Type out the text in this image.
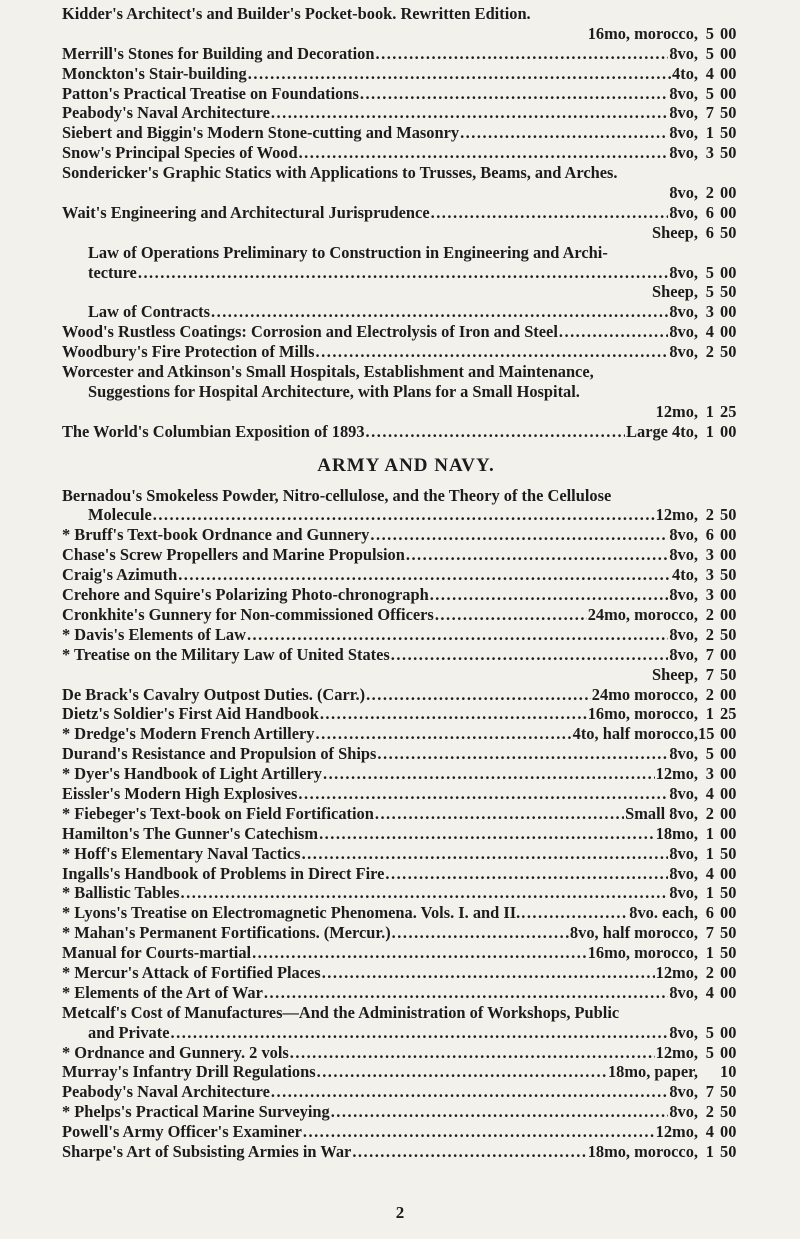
Kidder's Architect's and Builder's Pocket-book. Rewritten Edition.
16mo, morocco, 5 00
Merrill's Stones for Building and Decoration .....	8vo, 5 00
Monckton's Stair-building .....	4to, 4 00
Patton's Practical Treatise on Foundations .....	8vo, 5 00
Peabody's Naval Architecture .....	8vo, 7 50
Siebert and Biggin's Modern Stone-cutting and Masonry .....	8vo, 1 50
Snow's Principal Species of Wood .....	8vo, 3 50
Sondericker's Graphic Statics with Applications to Trusses, Beams, and Arches.
8vo, 2 00
Wait's Engineering and Architectural Jurisprudence .....	8vo, 6 00
Sheep, 6 50
Law of Operations Preliminary to Construction in Engineering and Archi-
tecture .....	8vo, 5 00
Sheep, 5 50
Law of Contracts .....	8vo, 3 00
Wood's Rustless Coatings: Corrosion and Electrolysis of Iron and Steel .....	8vo, 4 00
Woodbury's Fire Protection of Mills .....	8vo, 2 50
Worcester and Atkinson's Small Hospitals, Establishment and Maintenance,
Suggestions for Hospital Architecture, with Plans for a Small Hospital.
12mo, 1 25
The World's Columbian Exposition of 1893 .....	Large 4to, 1 00
ARMY AND NAVY.
Bernadou's Smokeless Powder, Nitro-cellulose, and the Theory of the Cellulose
Molecule .....	12mo, 2 50
* Bruff's Text-book Ordnance and Gunnery .....	8vo, 6 00
Chase's Screw Propellers and Marine Propulsion .....	8vo, 3 00
Craig's Azimuth .....	4to, 3 50
Crehore and Squire's Polarizing Photo-chronograph .....	8vo, 3 00
Cronkhite's Gunnery for Non-commissioned Officers .....	24mo, morocco, 2 00
* Davis's Elements of Law .....	8vo, 2 50
* Treatise on the Military Law of United States .....	8vo, 7 00
Sheep, 7 50
De Brack's Cavalry Outpost Duties. (Carr.) .....	24mo morocco, 2 00
Dietz's Soldier's First Aid Handbook .....	16mo, morocco, 1 25
* Dredge's Modern French Artillery .....	4to, half morocco, 15 00
Durand's Resistance and Propulsion of Ships .....	8vo, 5 00
* Dyer's Handbook of Light Artillery .....	12mo, 3 00
Eissler's Modern High Explosives .....	8vo, 4 00
* Fiebeger's Text-book on Field Fortification .....	Small 8vo, 2 00
Hamilton's The Gunner's Catechism .....	18mo, 1 00
* Hoff's Elementary Naval Tactics .....	8vo, 1 50
Ingalls's Handbook of Problems in Direct Fire .....	8vo, 4 00
* Ballistic Tables .....	8vo, 1 50
* Lyons's Treatise on Electromagnetic Phenomena. Vols. I. and II. .....	8vo. each, 6 00
* Mahan's Permanent Fortifications. (Mercur.) .....	8vo, half morocco, 7 50
Manual for Courts-martial .....	16mo, morocco, 1 50
* Mercur's Attack of Fortified Places .....	12mo, 2 00
* Elements of the Art of War .....	8vo, 4 00
Metcalf's Cost of Manufactures—And the Administration of Workshops, Public
and Private .....	8vo, 5 00
* Ordnance and Gunnery. 2 vols .....	12mo, 5 00
Murray's Infantry Drill Regulations .....	18mo, paper,	10
Peabody's Naval Architecture .....	8vo, 7 50
* Phelps's Practical Marine Surveying .....	8vo, 2 50
Powell's Army Officer's Examiner .....	12mo, 4 00
Sharpe's Art of Subsisting Armies in War .....	18mo, morocco, 1 50
2
